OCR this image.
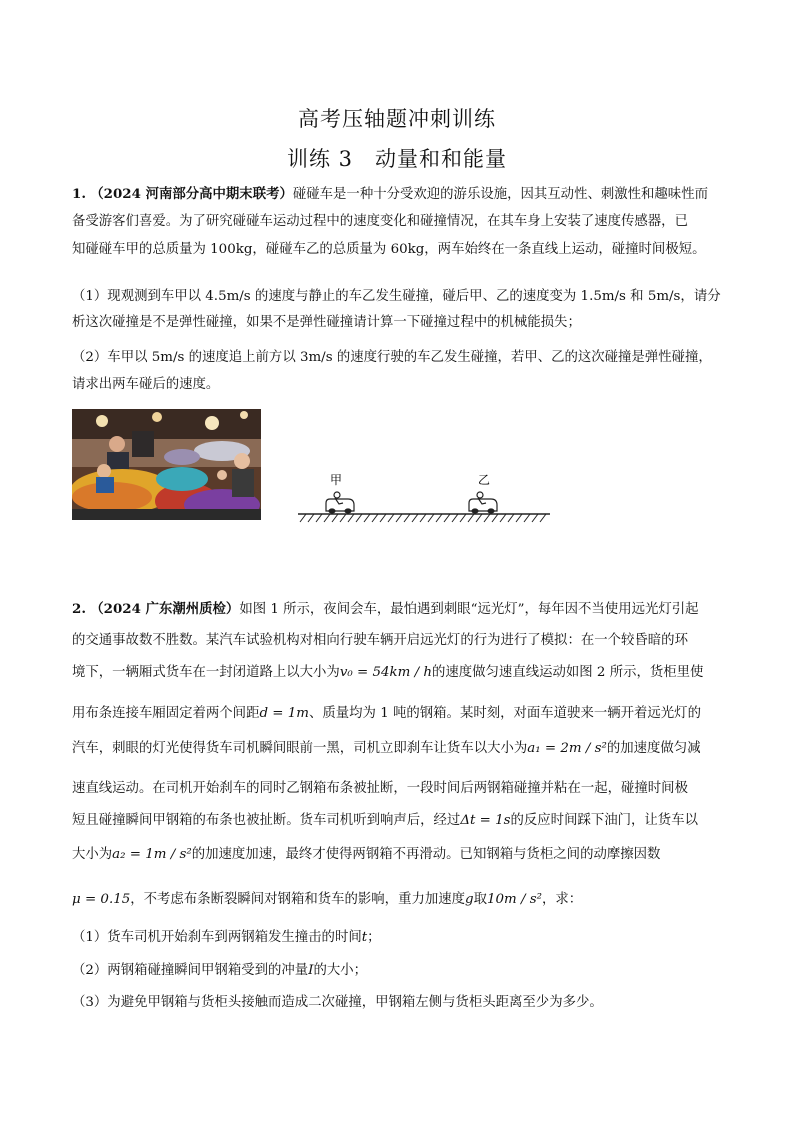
高考压轴题冲刺训练
训练 3　动量和和能量
1. （2024 河南部分高中期末联考）碰碰车是一种十分受欢迎的游乐设施，因其互动性、刺激性和趣味性而
备受游客们喜爱。为了研究碰碰车运动过程中的速度变化和碰撞情况，在其车身上安装了速度传感器，已
知碰碰车甲的总质量为 100kg，碰碰车乙的总质量为 60kg，两车始终在一条直线上运动，碰撞时间极短。
（1）现观测到车甲以 4.5m/s 的速度与静止的车乙发生碰撞，碰后甲、乙的速度变为 1.5m/s 和 5m/s，请分
析这次碰撞是不是弹性碰撞，如果不是弹性碰撞请计算一下碰撞过程中的机械能损失；
（2）车甲以 5m/s 的速度追上前方以 3m/s 的速度行驶的车乙发生碰撞，若甲、乙的这次碰撞是弹性碰撞，
请求出两车碰后的速度。
甲	乙
2. （2024 广东潮州质检）如图 1 所示，夜间会车，最怕遇到刺眼“远光灯”，每年因不当使用远光灯引起
的交通事故数不胜数。某汽车试验机构对相向行驶车辆开启远光灯的行为进行了模拟：在一个较昏暗的环
境下，一辆厢式货车在一封闭道路上以大小为v₀ = 54km / h的速度做匀速直线运动如图 2 所示，货柜里使
用布条连接车厢固定着两个间距d = 1m、质量均为 1 吨的钢箱。某时刻，对面车道驶来一辆开着远光灯的
汽车，刺眼的灯光使得货车司机瞬间眼前一黑，司机立即刹车让货车以大小为a₁ = 2m / s²的加速度做匀减
速直线运动。在司机开始刹车的同时乙钢箱布条被扯断，一段时间后两钢箱碰撞并粘在一起，碰撞时间极
短且碰撞瞬间甲钢箱的布条也被扯断。货车司机听到响声后，经过Δt = 1s的反应时间踩下油门，让货车以
大小为a₂ = 1m / s²的加速度加速，最终才使得两钢箱不再滑动。已知钢箱与货柜之间的动摩擦因数
μ = 0.15，不考虑布条断裂瞬间对钢箱和货车的影响，重力加速度g取10m / s²，求：
（1）货车司机开始刹车到两钢箱发生撞击的时间t；
（2）两钢箱碰撞瞬间甲钢箱受到的冲量I的大小；
（3）为避免甲钢箱与货柜头接触而造成二次碰撞，甲钢箱左侧与货柜头距离至少为多少。
